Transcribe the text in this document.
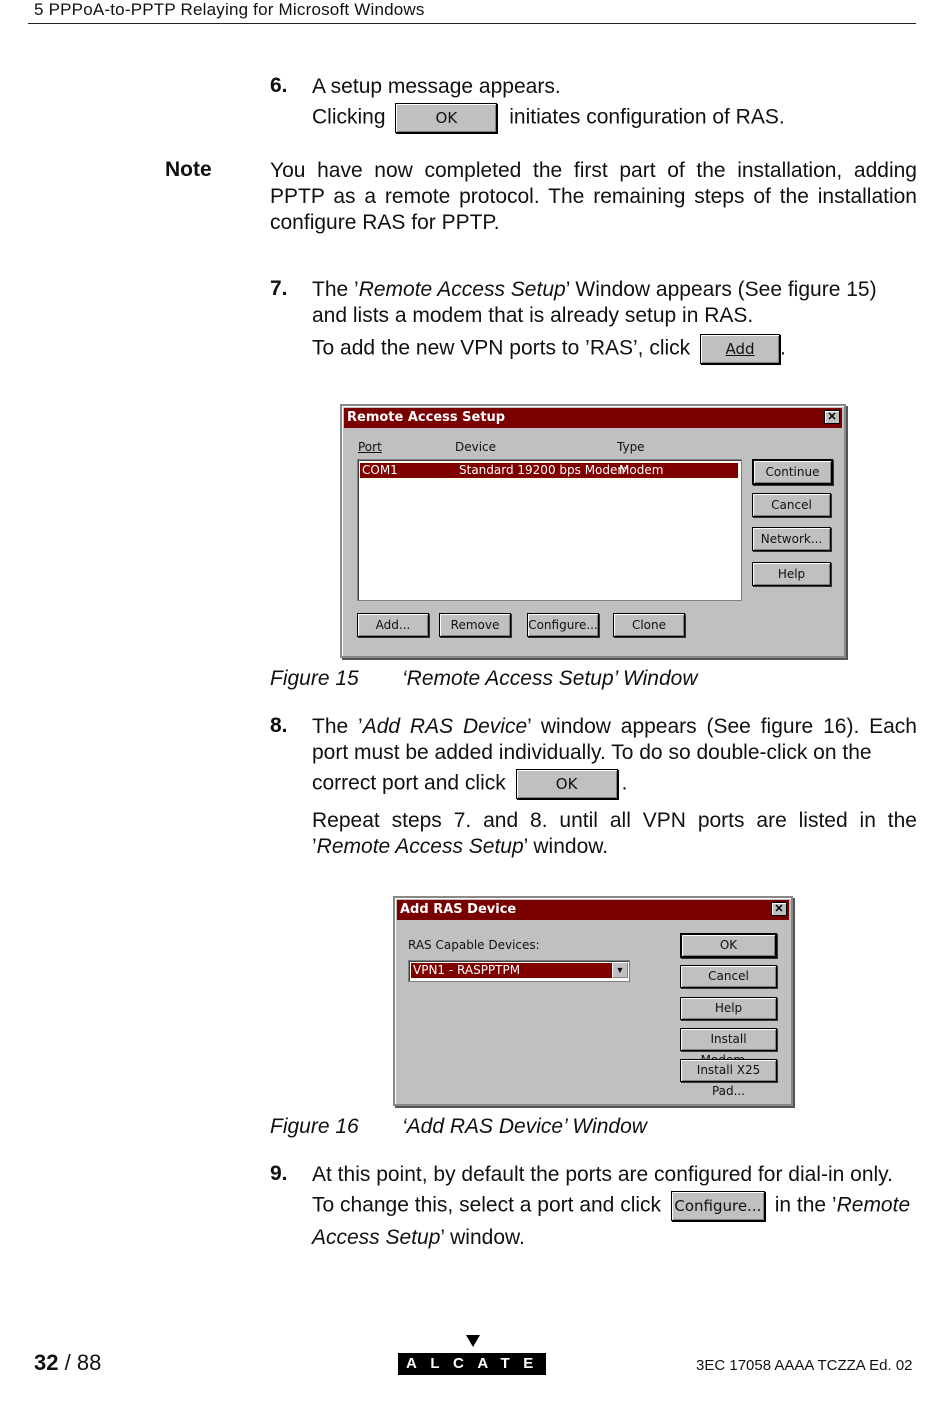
5 PPPoA-to-PPTP Relaying for Microsoft Windows
6. A setup message appears.
Clicking	OK initiates configuration of RAS.
Note	You have now completed the first part of the installation, adding PPTP as a remote protocol. The remaining steps of the installation configure RAS for PPTP.
7. The ’Remote Access Setup’ Window appears (See figure 15) and lists a modem that is already setup in RAS.
To add the new VPN ports to ’RAS’, click Add .
Remote Access Setup	✕
Port	Device	Type
COM1	Standard 19200 bps Modem
Modem (unimodem)
Continue
Cancel
Network...
Help
Add...	Remove	Configure...	Clone
Figure 15 ‘Remote Access Setup’ Window
8. The ’Add RAS Device’ window appears (See figure 16). Each port must be added individually. To do so double-click on the
correct port and click	OK .
Repeat steps 7. and 8. until all VPN ports are listed in the ’Remote Access Setup’ window.
Add RAS Device	✕
RAS Capable Devices:
VPN1 - RASPPTPM	▼
OK
Cancel
Help
Install
Install X25 Pad...
Figure 16 ‘Add RAS Device’ Window
9. At this point, by default the ports are configured for dial-in only.
To change this, select a port and click Configure... in the ’Remote
Access Setup’ window.
32 / 88	ALCATEL	3EC 17058 AAAA TCZZA Ed. 02
